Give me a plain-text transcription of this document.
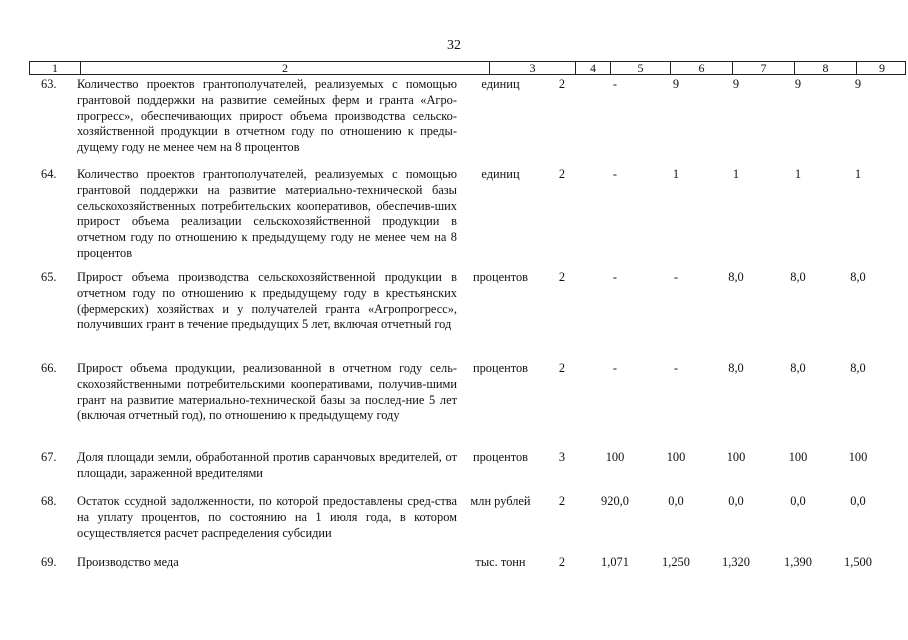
32
1	2	3	4	5	6	7	8	9
63. Количество проектов грантополучателей, реализуемых с помощью грантовой поддержки на развитие семейных ферм и гранта «Агро-прогресс», обеспечивающих прирост объема производства сельско-хозяйственной продукции в отчетном году по отношению к преды-дущему году не менее чем на 8 процентов
единиц	2	-	9	9	9	9
64. Количество проектов грантополучателей, реализуемых с помощью грантовой поддержки на развитие материально-технической базы сельскохозяйственных потребительских кооперативов, обеспечив-ших прирост объема реализации сельскохозяйственной продукции в отчетном году по отношению к предыдущему году не менее чем на 8 процентов
единиц	2	-	1	1	1	1
65. Прирост объема производства сельскохозяйственной продукции в отчетном году по отношению к предыдущему году в крестьянских (фермерских) хозяйствах и у получателей гранта «Агропрогресс», получивших грант в течение предыдущих 5 лет, включая отчетный год
процентов	2	-	-	8,0	8,0	8,0
66. Прирост объема продукции, реализованной в отчетном году сель-скохозяйственными потребительскими кооперативами, получив-шими грант на развитие материально-технической базы за послед-ние 5 лет (включая отчетный год), по отношению к предыдущему году
процентов	2	-	-	8,0	8,0	8,0
67. Доля площади земли, обработанной против саранчовых вредителей, от площади, зараженной вредителями
процентов	3	100	100	100	100	100
68. Остаток ссудной задолженности, по которой предоставлены сред-ства на уплату процентов, по состоянию на 1 июля года, в котором осуществляется расчет распределения субсидии
млн рублей	2	920,0	0,0	0,0	0,0	0,0
69. Производство меда	тыс. тонн	2	1,071	1,250	1,320	1,390	1,500
